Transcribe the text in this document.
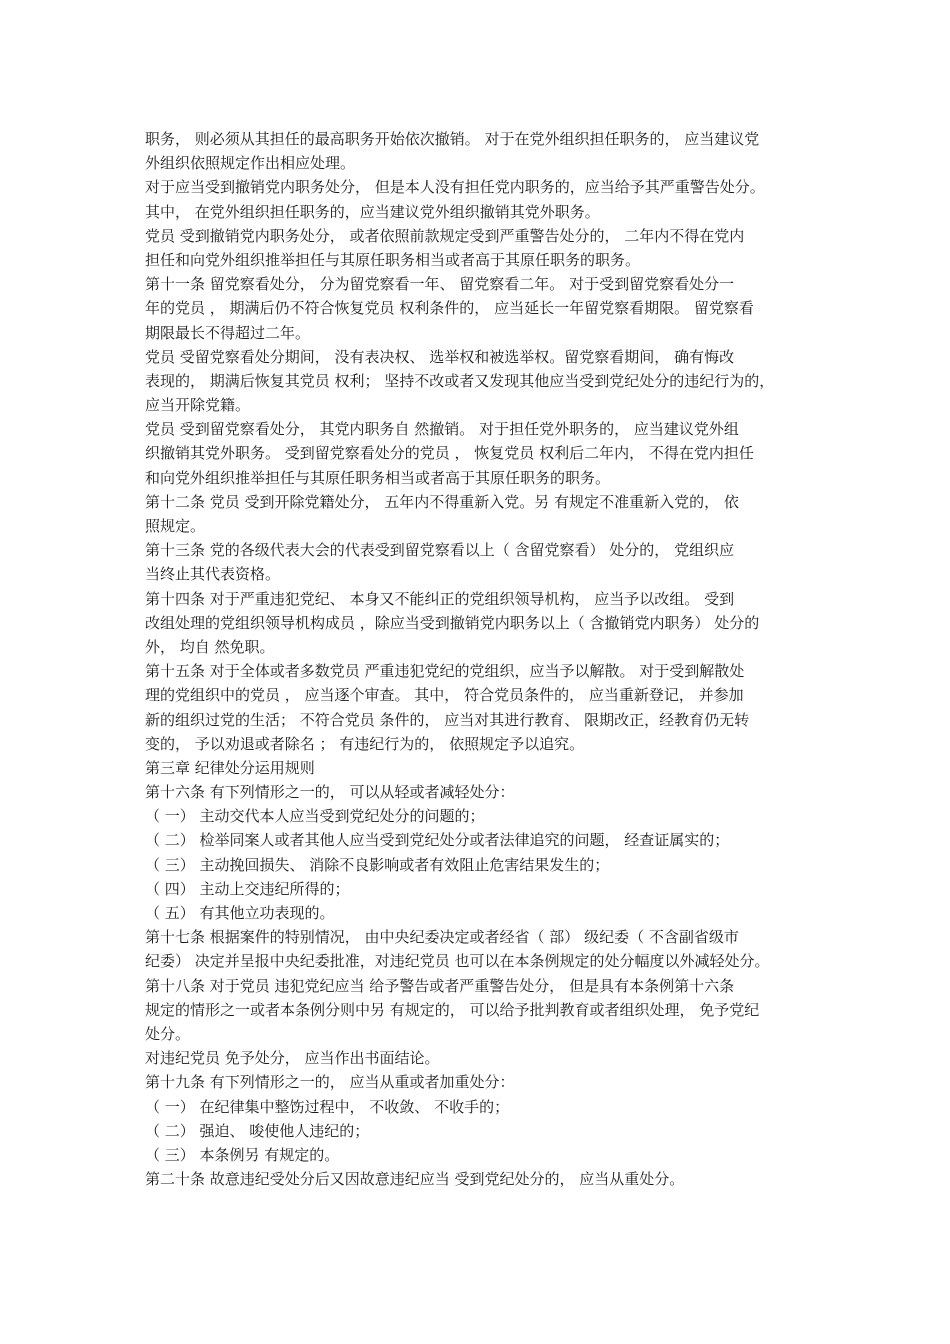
职务， 则必须从其担任的最高职务开始依次撤销。 对于在党外组织担任职务的， 应当建议党
外组织依照规定作出相应处理。
对于应当受到撤销党内职务处分， 但是本人没有担任党内职务的，应当给予其严重警告处分。
其中， 在党外组织担任职务的，应当建议党外组织撤销其党外职务。
党员 受到撤销党内职务处分， 或者依照前款规定受到严重警告处分的， 二年内不得在党内
担任和向党外组织推举担任与其原任职务相当或者高于其原任职务的职务。
第十一条 留党察看处分， 分为留党察看一年、 留党察看二年。 对于受到留党察看处分一
年的党员 ， 期满后仍不符合恢复党员 权利条件的， 应当延长一年留党察看期限。 留党察看
期限最长不得超过二年。
党员 受留党察看处分期间， 没有表决权、 选举权和被选举权。留党察看期间， 确有悔改
表现的， 期满后恢复其党员 权利； 坚持不改或者又发现其他应当受到党纪处分的违纪行为的，
应当开除党籍。
党员 受到留党察看处分， 其党内职务自 然撤销。 对于担任党外职务的， 应当建议党外组
织撤销其党外职务。 受到留党察看处分的党员 ， 恢复党员 权利后二年内， 不得在党内担任
和向党外组织推举担任与其原任职务相当或者高于其原任职务的职务。
第十二条 党员 受到开除党籍处分， 五年内不得重新入党。另 有规定不准重新入党的， 依
照规定。
第十三条 党的各级代表大会的代表受到留党察看以上（ 含留党察看） 处分的， 党组织应
当终止其代表资格。
第十四条 对于严重违犯党纪、 本身又不能纠正的党组织领导机构， 应当予以改组。 受到
改组处理的党组织领导机构成员 ，除应当受到撤销党内职务以上（ 含撤销党内职务） 处分的
外， 均自 然免职。
第十五条 对于全体或者多数党员 严重违犯党纪的党组织，应当予以解散。 对于受到解散处
理的党组织中的党员 ， 应当逐个审查。 其中， 符合党员条件的， 应当重新登记， 并参加
新的组织过党的生活； 不符合党员 条件的， 应当对其进行教育、 限期改正，经教育仍无转
变的， 予以劝退或者除名 ； 有违纪行为的， 依照规定予以追究。
第三章 纪律处分运用规则
第十六条 有下列情形之一的， 可以从轻或者减轻处分：
（ 一） 主动交代本人应当受到党纪处分的问题的；
（ 二） 检举同案人或者其他人应当受到党纪处分或者法律追究的问题， 经查证属实的；
（ 三） 主动挽回损失、 消除不良影响或者有效阻止危害结果发生的；
（ 四） 主动上交违纪所得的；
（ 五） 有其他立功表现的。
第十七条 根据案件的特别情况， 由中央纪委决定或者经省（ 部） 级纪委（ 不含副省级市
纪委） 决定并呈报中央纪委批准，对违纪党员 也可以在本条例规定的处分幅度以外减轻处分。
第十八条 对于党员 违犯党纪应当 给予警告或者严重警告处分， 但是具有本条例第十六条
规定的情形之一或者本条例分则中另 有规定的， 可以给予批判教育或者组织处理， 免予党纪
处分。
对违纪党员 免予处分， 应当作出书面结论。
第十九条 有下列情形之一的， 应当从重或者加重处分：
（ 一） 在纪律集中整饬过程中， 不收敛、 不收手的；
（ 二） 强迫、 唆使他人违纪的；
（ 三） 本条例另 有规定的。
第二十条 故意违纪受处分后又因故意违纪应当 受到党纪处分的， 应当从重处分。
